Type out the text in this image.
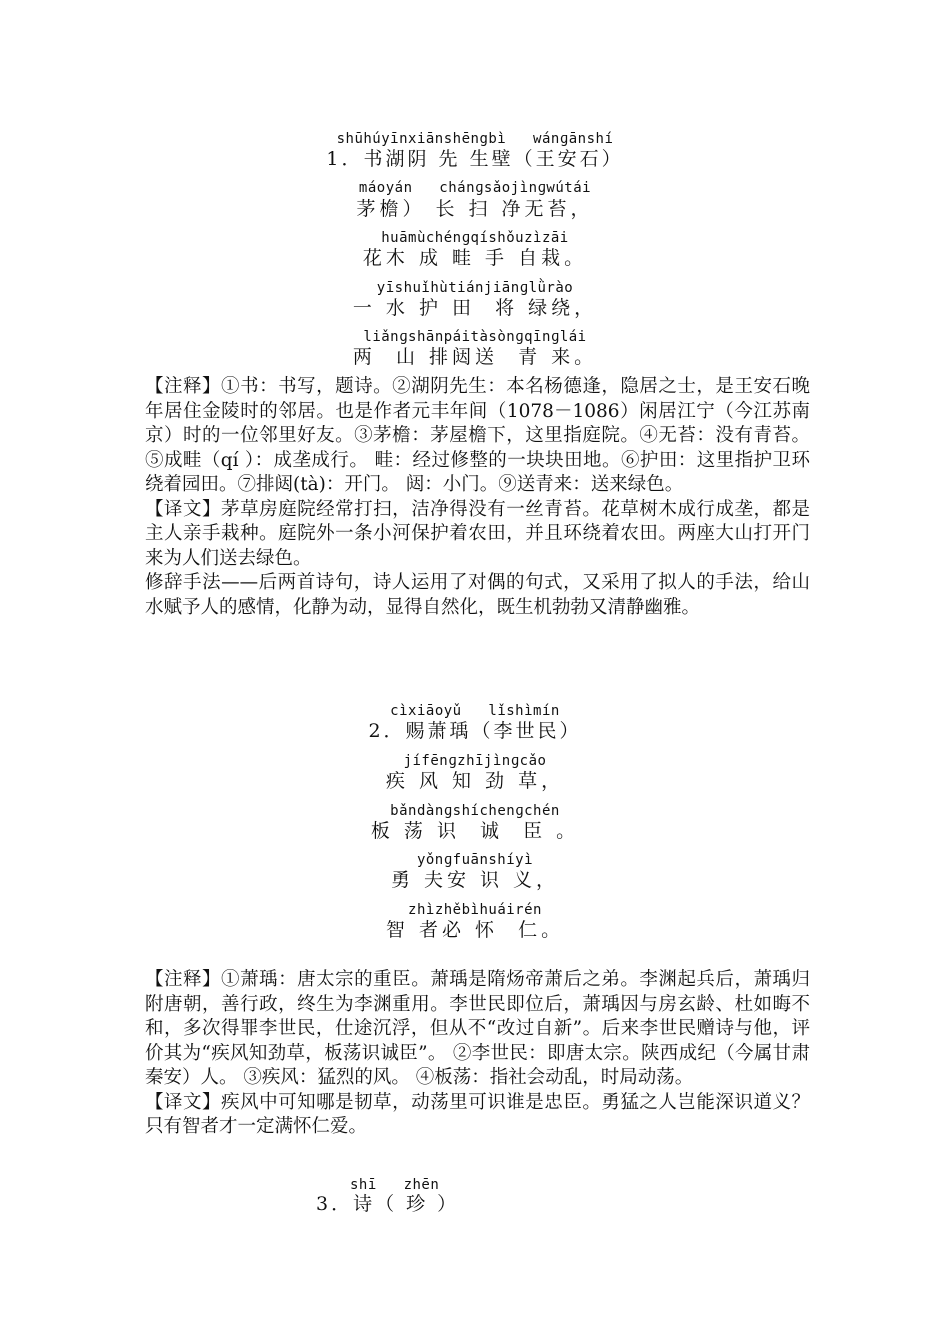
shūhúyīnxiānshēngbì   wánɡānshí
1．书湖阴 先 生壁（王安石）
máoyán   chánɡsǎojìnɡwútái
茅檐） 长 扫 净无苔，
huāmùchénɡqíshǒuzìzāi
花木 成 畦 手 自栽。
yīshuǐhùtiánjiānɡlǜrào
一 水 护 田  将 绿绕，
liǎnɡshānpáitàsònɡqīnɡlái
两  山 排闼送  青 来。

【注释】①书：书写，题诗。②湖阴先生：本名杨德逢，隐居之士，是王安石晚年居住金陵时的邻居。也是作者元丰年间（1078－1086）闲居江宁（今江苏南京）时的一位邻里好友。③茅檐：茅屋檐下，这里指庭院。④无苔：没有青苔。⑤成畦（qí ）：成垄成行。 畦：经过修整的一块块田地。⑥护田：这里指护卫环绕着园田。⑦排闼(tà)：开门。 闼：小门。⑨送青来：送来绿色。

【译文】茅草房庭院经常打扫，洁净得没有一丝青苔。花草树木成行成垄，都是主人亲手栽种。庭院外一条小河保护着农田，并且环绕着农田。两座大山打开门来为人们送去绿色。

修辞手法——后两首诗句，诗人运用了对偶的句式，又采用了拟人的手法，给山水赋予人的感情，化静为动，显得自然化，既生机勃勃又清静幽雅。

cìxiāoyǔ   lǐshìmín
2．赐萧瑀（李世民）
jífēnɡzhījìnɡcǎo
疾 风 知 劲 草，
bǎndànɡshíchenɡchén
板 荡 识  诚  臣 。
yǒnɡfuānshíyì
勇 夫安 识 义，
zhìzhěbìhuáirén
智 者必 怀  仁。

【注释】①萧瑀：唐太宗的重臣。萧瑀是隋炀帝萧后之弟。李渊起兵后，萧瑀归附唐朝，善行政，终生为李渊重用。李世民即位后，萧瑀因与房玄龄、杜如晦不和，多次得罪李世民，仕途沉浮，但从不“改过自新”。后来李世民赠诗与他，评价其为“疾风知劲草，板荡识诚臣”。 ②李世民：即唐太宗。陕西成纪（今属甘肃秦安）人。 ③疾风：猛烈的风。 ④板荡：指社会动乱，时局动荡。

【译文】疾风中可知哪是韧草，动荡里可识谁是忠臣。勇猛之人岂能深识道义？只有智者才一定满怀仁爱。

shī   zhēn
3．诗（ 珍 ）
